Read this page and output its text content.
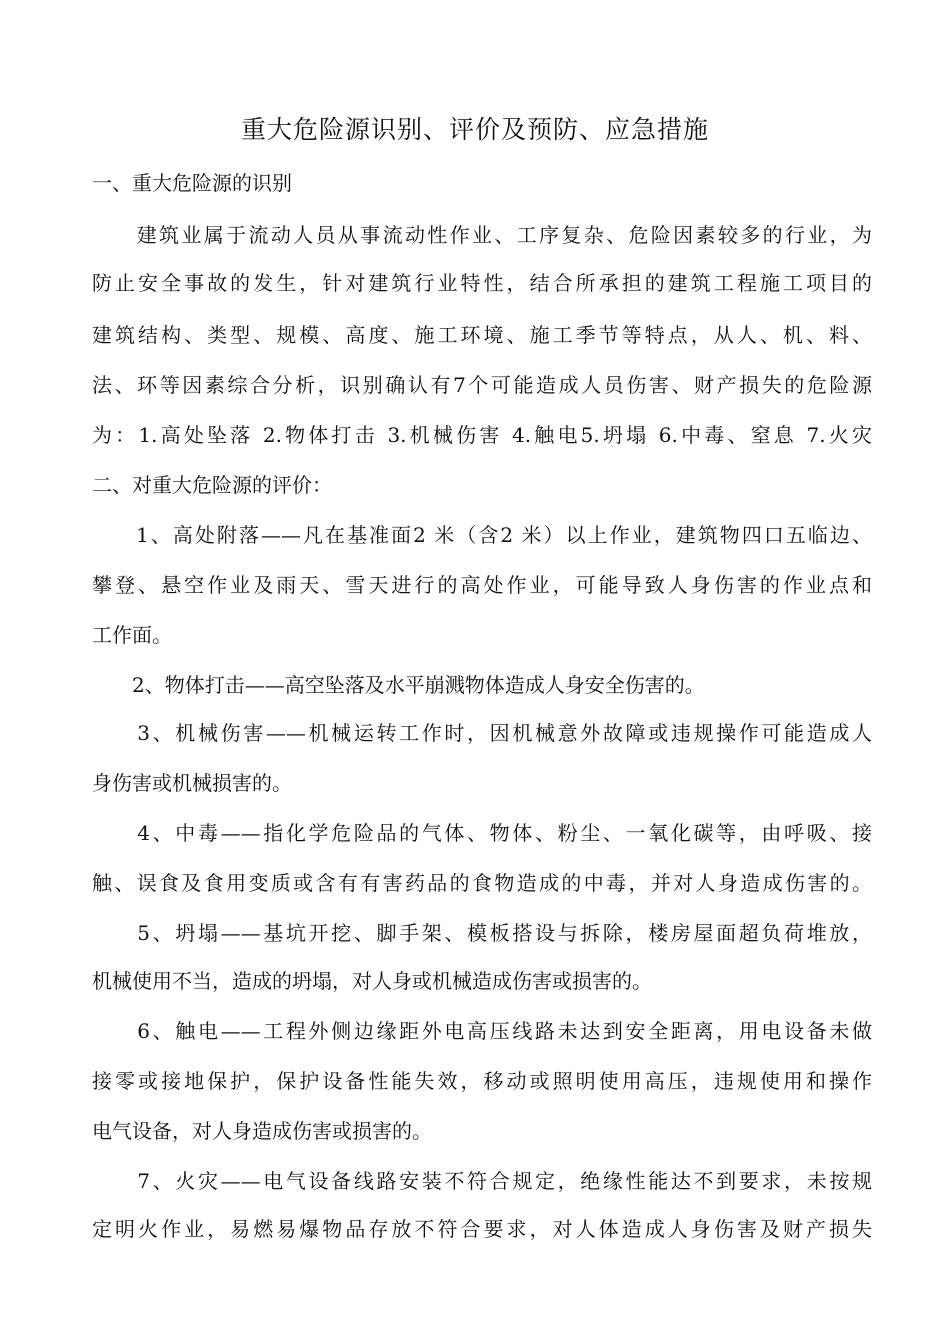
重大危险源识别、评价及预防、应急措施
一、重大危险源的识别
　　建筑业属于流动人员从事流动性作业、工序复杂、危险因素较多的行业，为
防止安全事故的发生，针对建筑行业特性，结合所承担的建筑工程施工项目的
建筑结构、类型、规模、高度、施工环境、施工季节等特点，从人、机、料、
法、环等因素综合分析，识别确认有7个可能造成人员伤害、财产损失的危险源
为：1.高处坠落 2.物体打击 3.机械伤害 4.触电5.坍塌 6.中毒、窒息 7.火灾
二、对重大危险源的评价：
　　1、高处附落——凡在基准面2 米（含2 米）以上作业，建筑物四口五临边、
攀登、悬空作业及雨天、雪天进行的高处作业，可能导致人身伤害的作业点和
工作面。
　　2、物体打击——高空坠落及水平崩溅物体造成人身安全伤害的。
　　3、机械伤害——机械运转工作时，因机械意外故障或违规操作可能造成人
身伤害或机械损害的。
　　4、中毒——指化学危险品的气体、物体、粉尘、一氧化碳等，由呼吸、接
触、误食及食用变质或含有有害药品的食物造成的中毒，并对人身造成伤害的。
　　5、坍塌——基坑开挖、脚手架、模板搭设与拆除，楼房屋面超负荷堆放，
机械使用不当，造成的坍塌，对人身或机械造成伤害或损害的。
　　6、触电——工程外侧边缘距外电高压线路未达到安全距离，用电设备未做
接零或接地保护，保护设备性能失效，移动或照明使用高压，违规使用和操作
电气设备，对人身造成伤害或损害的。
　　7、火灾——电气设备线路安装不符合规定，绝缘性能达不到要求，未按规
定明火作业，易燃易爆物品存放不符合要求，对人体造成人身伤害及财产损失
